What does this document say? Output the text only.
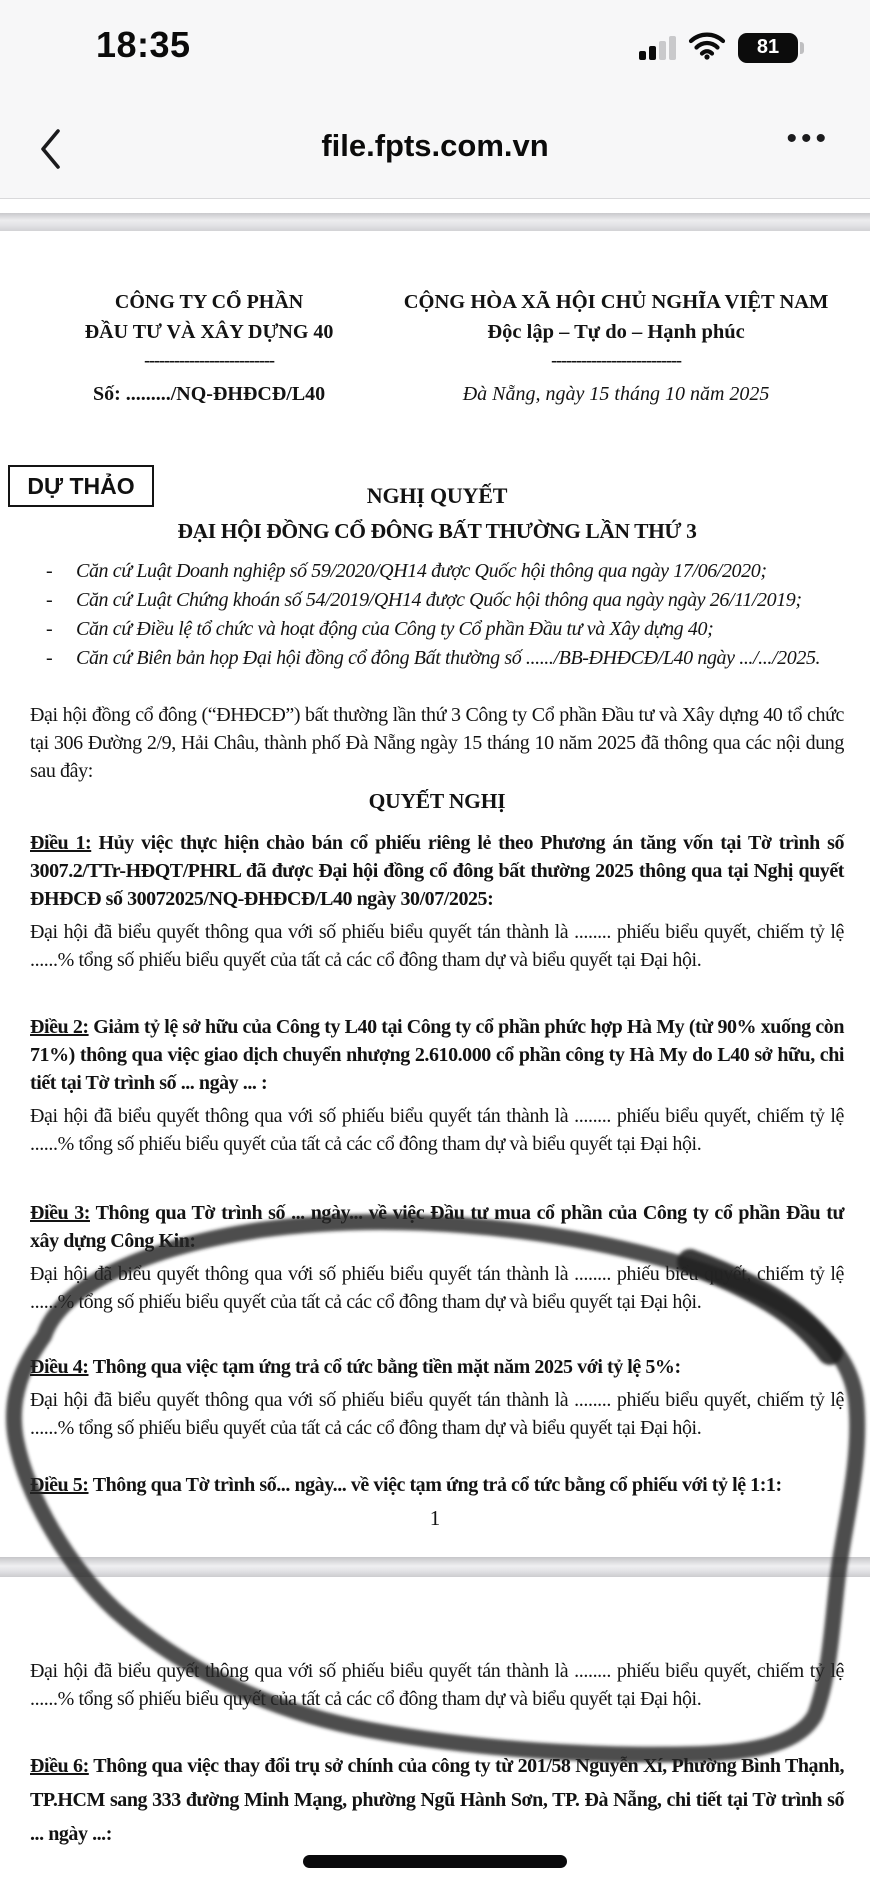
18:35	81
file.fpts.com.vn	•••
CÔNG TY CỔ PHẦN
ĐẦU TƯ VÀ XÂY DỰNG 40
--------------------------
Số: ........./NQ-ĐHĐCĐ/L40
CỘNG HÒA XÃ HỘI CHỦ NGHĨA VIỆT NAM
Độc lập – Tự do – Hạnh phúc
--------------------------
Đà Nẵng, ngày 15 tháng 10 năm 2025
DỰ THẢO	NGHỊ QUYẾT
ĐẠI HỘI ĐỒNG CỔ ĐÔNG BẤT THƯỜNG LẦN THỨ 3
-	Căn cứ Luật Doanh nghiệp số 59/2020/QH14 được Quốc hội thông qua ngày 17/06/2020;
-	Căn cứ Luật Chứng khoán số 54/2019/QH14 được Quốc hội thông qua ngày ngày 26/11/2019;
-	Căn cứ Điều lệ tổ chức và hoạt động của Công ty Cổ phần Đầu tư và Xây dựng 40;
-	Căn cứ Biên bản họp Đại hội đồng cổ đông Bất thường số ....../BB-ĐHĐCĐ/L40 ngày .../.../2025.

Đại hội đồng cổ đông (“ĐHĐCĐ”) bất thường lần thứ 3 Công ty Cổ phần Đầu tư và Xây dựng 40 tổ chức tại 306 Đường 2/9, Hải Châu, thành phố Đà Nẵng ngày 15 tháng 10 năm 2025 đã thông qua các nội dung sau đây:

QUYẾT NGHỊ

Điều 1: Hủy việc thực hiện chào bán cổ phiếu riêng lẻ theo Phương án tăng vốn tại Tờ trình số 3007.2/TTr-HĐQT/PHRL đã được Đại hội đồng cổ đông bất thường 2025 thông qua tại Nghị quyết ĐHĐCĐ số 30072025/NQ-ĐHĐCĐ/L40 ngày 30/07/2025:

Đại hội đã biểu quyết thông qua với số phiếu biểu quyết tán thành là ........ phiếu biểu quyết, chiếm tỷ lệ ......% tổng số phiếu biểu quyết của tất cả các cổ đông tham dự và biểu quyết tại Đại hội.

Điều 2: Giảm tỷ lệ sở hữu của Công ty L40 tại Công ty cổ phần phức hợp Hà My (từ 90% xuống còn 71%) thông qua việc giao dịch chuyển nhượng 2.610.000 cổ phần công ty Hà My do L40 sở hữu, chi tiết tại Tờ trình số ... ngày ... :

Đại hội đã biểu quyết thông qua với số phiếu biểu quyết tán thành là ........ phiếu biểu quyết, chiếm tỷ lệ ......% tổng số phiếu biểu quyết của tất cả các cổ đông tham dự và biểu quyết tại Đại hội.

Điều 3: Thông qua Tờ trình số ... ngày... về việc Đầu tư mua cổ phần của Công ty cổ phần Đầu tư xây dựng Công Kin:

Đại hội đã biểu quyết thông qua với số phiếu biểu quyết tán thành là ........ phiếu biểu quyết, chiếm tỷ lệ ......% tổng số phiếu biểu quyết của tất cả các cổ đông tham dự và biểu quyết tại Đại hội.

Điều 4: Thông qua việc tạm ứng trả cổ tức bằng tiền mặt năm 2025 với tỷ lệ 5%:

Đại hội đã biểu quyết thông qua với số phiếu biểu quyết tán thành là ........ phiếu biểu quyết, chiếm tỷ lệ ......% tổng số phiếu biểu quyết của tất cả các cổ đông tham dự và biểu quyết tại Đại hội.

Điều 5: Thông qua Tờ trình số... ngày... về việc tạm ứng trả cổ tức bằng cổ phiếu với tỷ lệ 1:1:

1

Đại hội đã biểu quyết thông qua với số phiếu biểu quyết tán thành là ........ phiếu biểu quyết, chiếm tỷ lệ ......% tổng số phiếu biểu quyết của tất cả các cổ đông tham dự và biểu quyết tại Đại hội.

Điều 6: Thông qua việc thay đổi trụ sở chính của công ty từ 201/58 Nguyễn Xí, Phường Bình Thạnh, TP.HCM sang 333 đường Minh Mạng, phường Ngũ Hành Sơn, TP. Đà Nẵng, chi tiết tại Tờ trình số ... ngày ...:
